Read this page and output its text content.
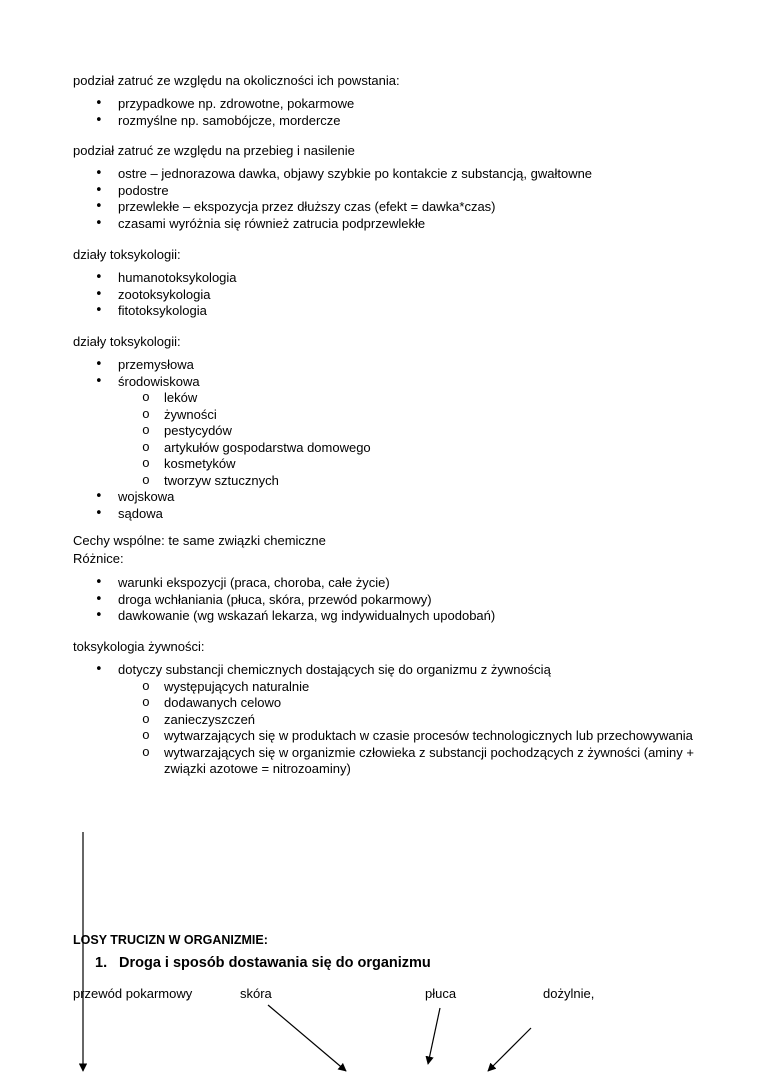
podział zatruć ze względu na okoliczności ich powstania:
• przypadkowe np. zdrowotne, pokarmowe
• rozmyślne np. samobójcze, mordercze
podział zatruć ze względu na przebieg i nasilenie
• ostre – jednorazowa dawka, objawy szybkie po kontakcie z substancją, gwałtowne
• podostre
• przewlekłe – ekspozycja przez dłuższy czas (efekt = dawka*czas)
• czasami wyróżnia się również zatrucia podprzewlekłe
działy toksykologii:
• humanotoksykologia
• zootoksykologia
• fitotoksykologia
działy toksykologii:
• przemysłowa
• środowiskowa
o leków
o żywności
o pestycydów
o artykułów gospodarstwa domowego
o kosmetyków
o tworzyw sztucznych
• wojskowa
• sądowa
Cechy wspólne: te same związki chemiczne
Różnice:
• warunki ekspozycji (praca, choroba, całe życie)
• droga wchłaniania (płuca, skóra, przewód pokarmowy)
• dawkowanie (wg wskazań lekarza, wg indywidualnych upodobań)
toksykologia żywności:
• dotyczy substancji chemicznych dostających się do organizmu z żywnością
o występujących naturalnie
o dodawanych celowo
o zanieczyszczeń
o wytwarzających się w produktach w czasie procesów technologicznych lub przechowywania
o wytwarzających się w organizmie człowieka z substancji pochodzących z żywności (aminy + związki azotowe = nitrozoaminy)
LOSY TRUCIZN W ORGANIZMIE:
1. Droga i sposób dostawania się do organizmu
przewód pokarmowy	skóra	płuca	dożylnie,
